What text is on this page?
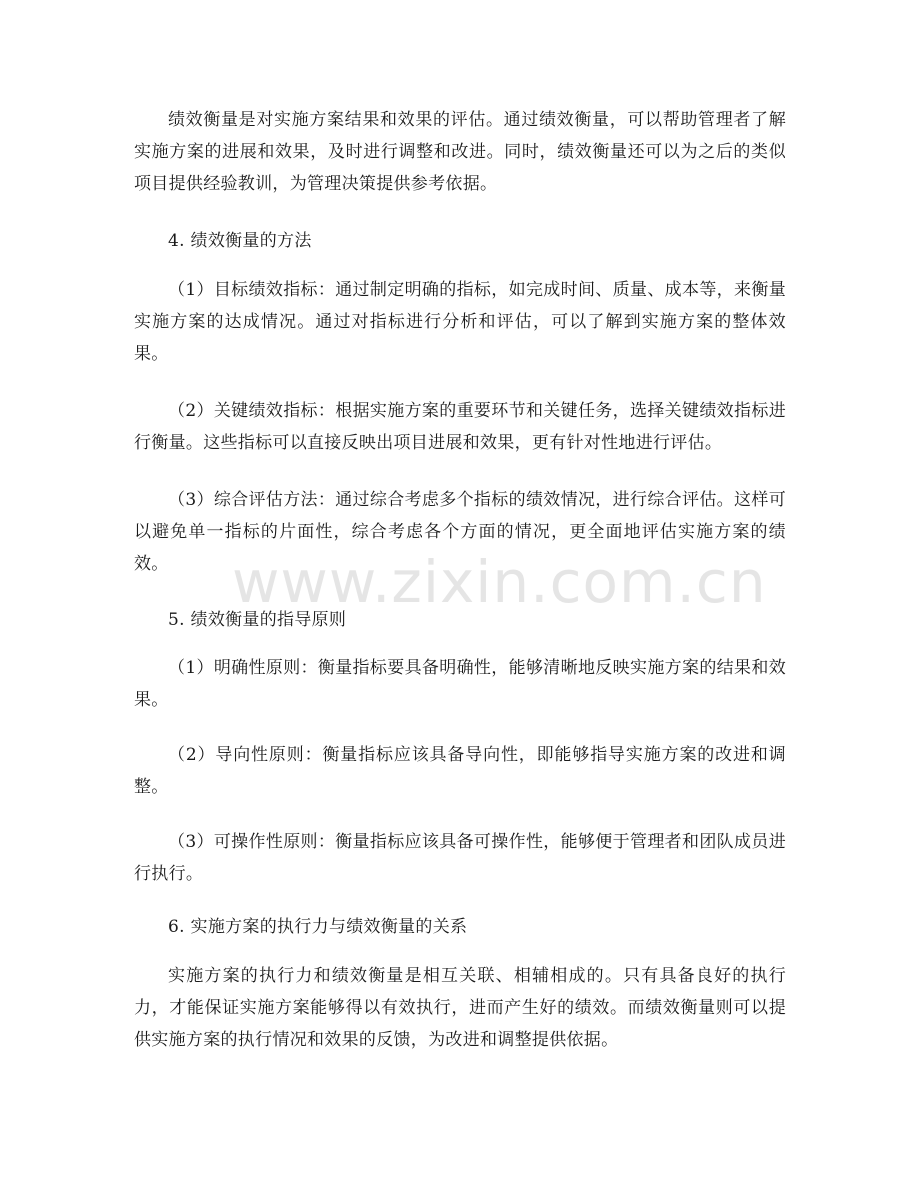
绩效衡量是对实施方案结果和效果的评估。通过绩效衡量，可以帮助管理者了解实施方案的进展和效果，及时进行调整和改进。同时，绩效衡量还可以为之后的类似项目提供经验教训，为管理决策提供参考依据。

4. 绩效衡量的方法

（1）目标绩效指标：通过制定明确的指标，如完成时间、质量、成本等，来衡量实施方案的达成情况。通过对指标进行分析和评估，可以了解到实施方案的整体效果。

（2）关键绩效指标：根据实施方案的重要环节和关键任务，选择关键绩效指标进行衡量。这些指标可以直接反映出项目进展和效果，更有针对性地进行评估。

（3）综合评估方法：通过综合考虑多个指标的绩效情况，进行综合评估。这样可以避免单一指标的片面性，综合考虑各个方面的情况，更全面地评估实施方案的绩效。

5. 绩效衡量的指导原则

（1）明确性原则：衡量指标要具备明确性，能够清晰地反映实施方案的结果和效果。

（2）导向性原则：衡量指标应该具备导向性，即能够指导实施方案的改进和调整。

（3）可操作性原则：衡量指标应该具备可操作性，能够便于管理者和团队成员进行执行。

6. 实施方案的执行力与绩效衡量的关系

实施方案的执行力和绩效衡量是相互关联、相辅相成的。只有具备良好的执行力，才能保证实施方案能够得以有效执行，进而产生好的绩效。而绩效衡量则可以提供实施方案的执行情况和效果的反馈，为改进和调整提供依据。

www.zixin.com.cn
